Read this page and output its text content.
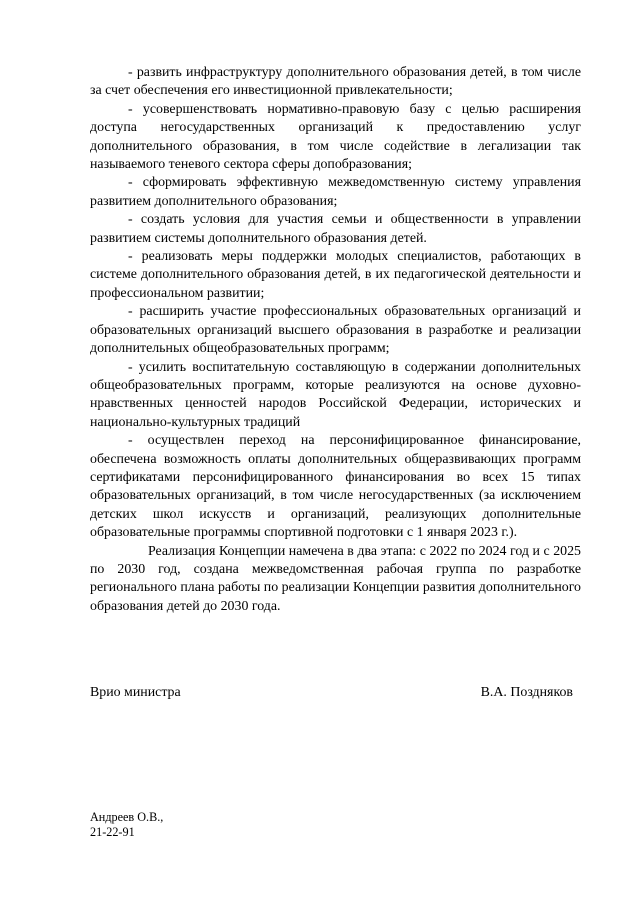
- развить инфраструктуру дополнительного образования детей, в том числе за счет обеспечения его инвестиционной привлекательности;

- усовершенствовать нормативно-правовую базу с целью расширения доступа негосударственных организаций к предоставлению услуг дополнительного образования, в том числе содействие в легализации так называемого теневого сектора сферы допобразования;

- сформировать эффективную межведомственную систему управления развитием дополнительного образования;

- создать условия для участия семьи и общественности в управлении развитием системы дополнительного образования детей.

- реализовать меры поддержки молодых специалистов, работающих в системе дополнительного образования детей, в их педагогической деятельности и профессиональном развитии;

- расширить участие профессиональных образовательных организаций и образовательных организаций высшего образования в разработке и реализации дополнительных общеобразовательных программ;

- усилить воспитательную составляющую в содержании дополнительных общеобразовательных программ, которые реализуются на основе духовно-нравственных ценностей народов Российской Федерации, исторических и национально-культурных традиций

- осуществлен переход на персонифицированное финансирование, обеспечена возможность оплаты дополнительных общеразвивающих программ сертификатами персонифицированного финансирования во всех 15 типах образовательных организаций, в том числе негосударственных (за исключением детских школ искусств и организаций, реализующих дополнительные образовательные программы спортивной подготовки с 1 января 2023 г.).

Реализация Концепции намечена в два этапа: с 2022 по 2024 год и с 2025 по 2030 год, создана межведомственная рабочая группа по разработке регионального плана работы по реализации Концепции развития дополнительного образования детей до 2030 года.

Врио министра	В.А. Поздняков
Андреев О.В.,
21-22-91
